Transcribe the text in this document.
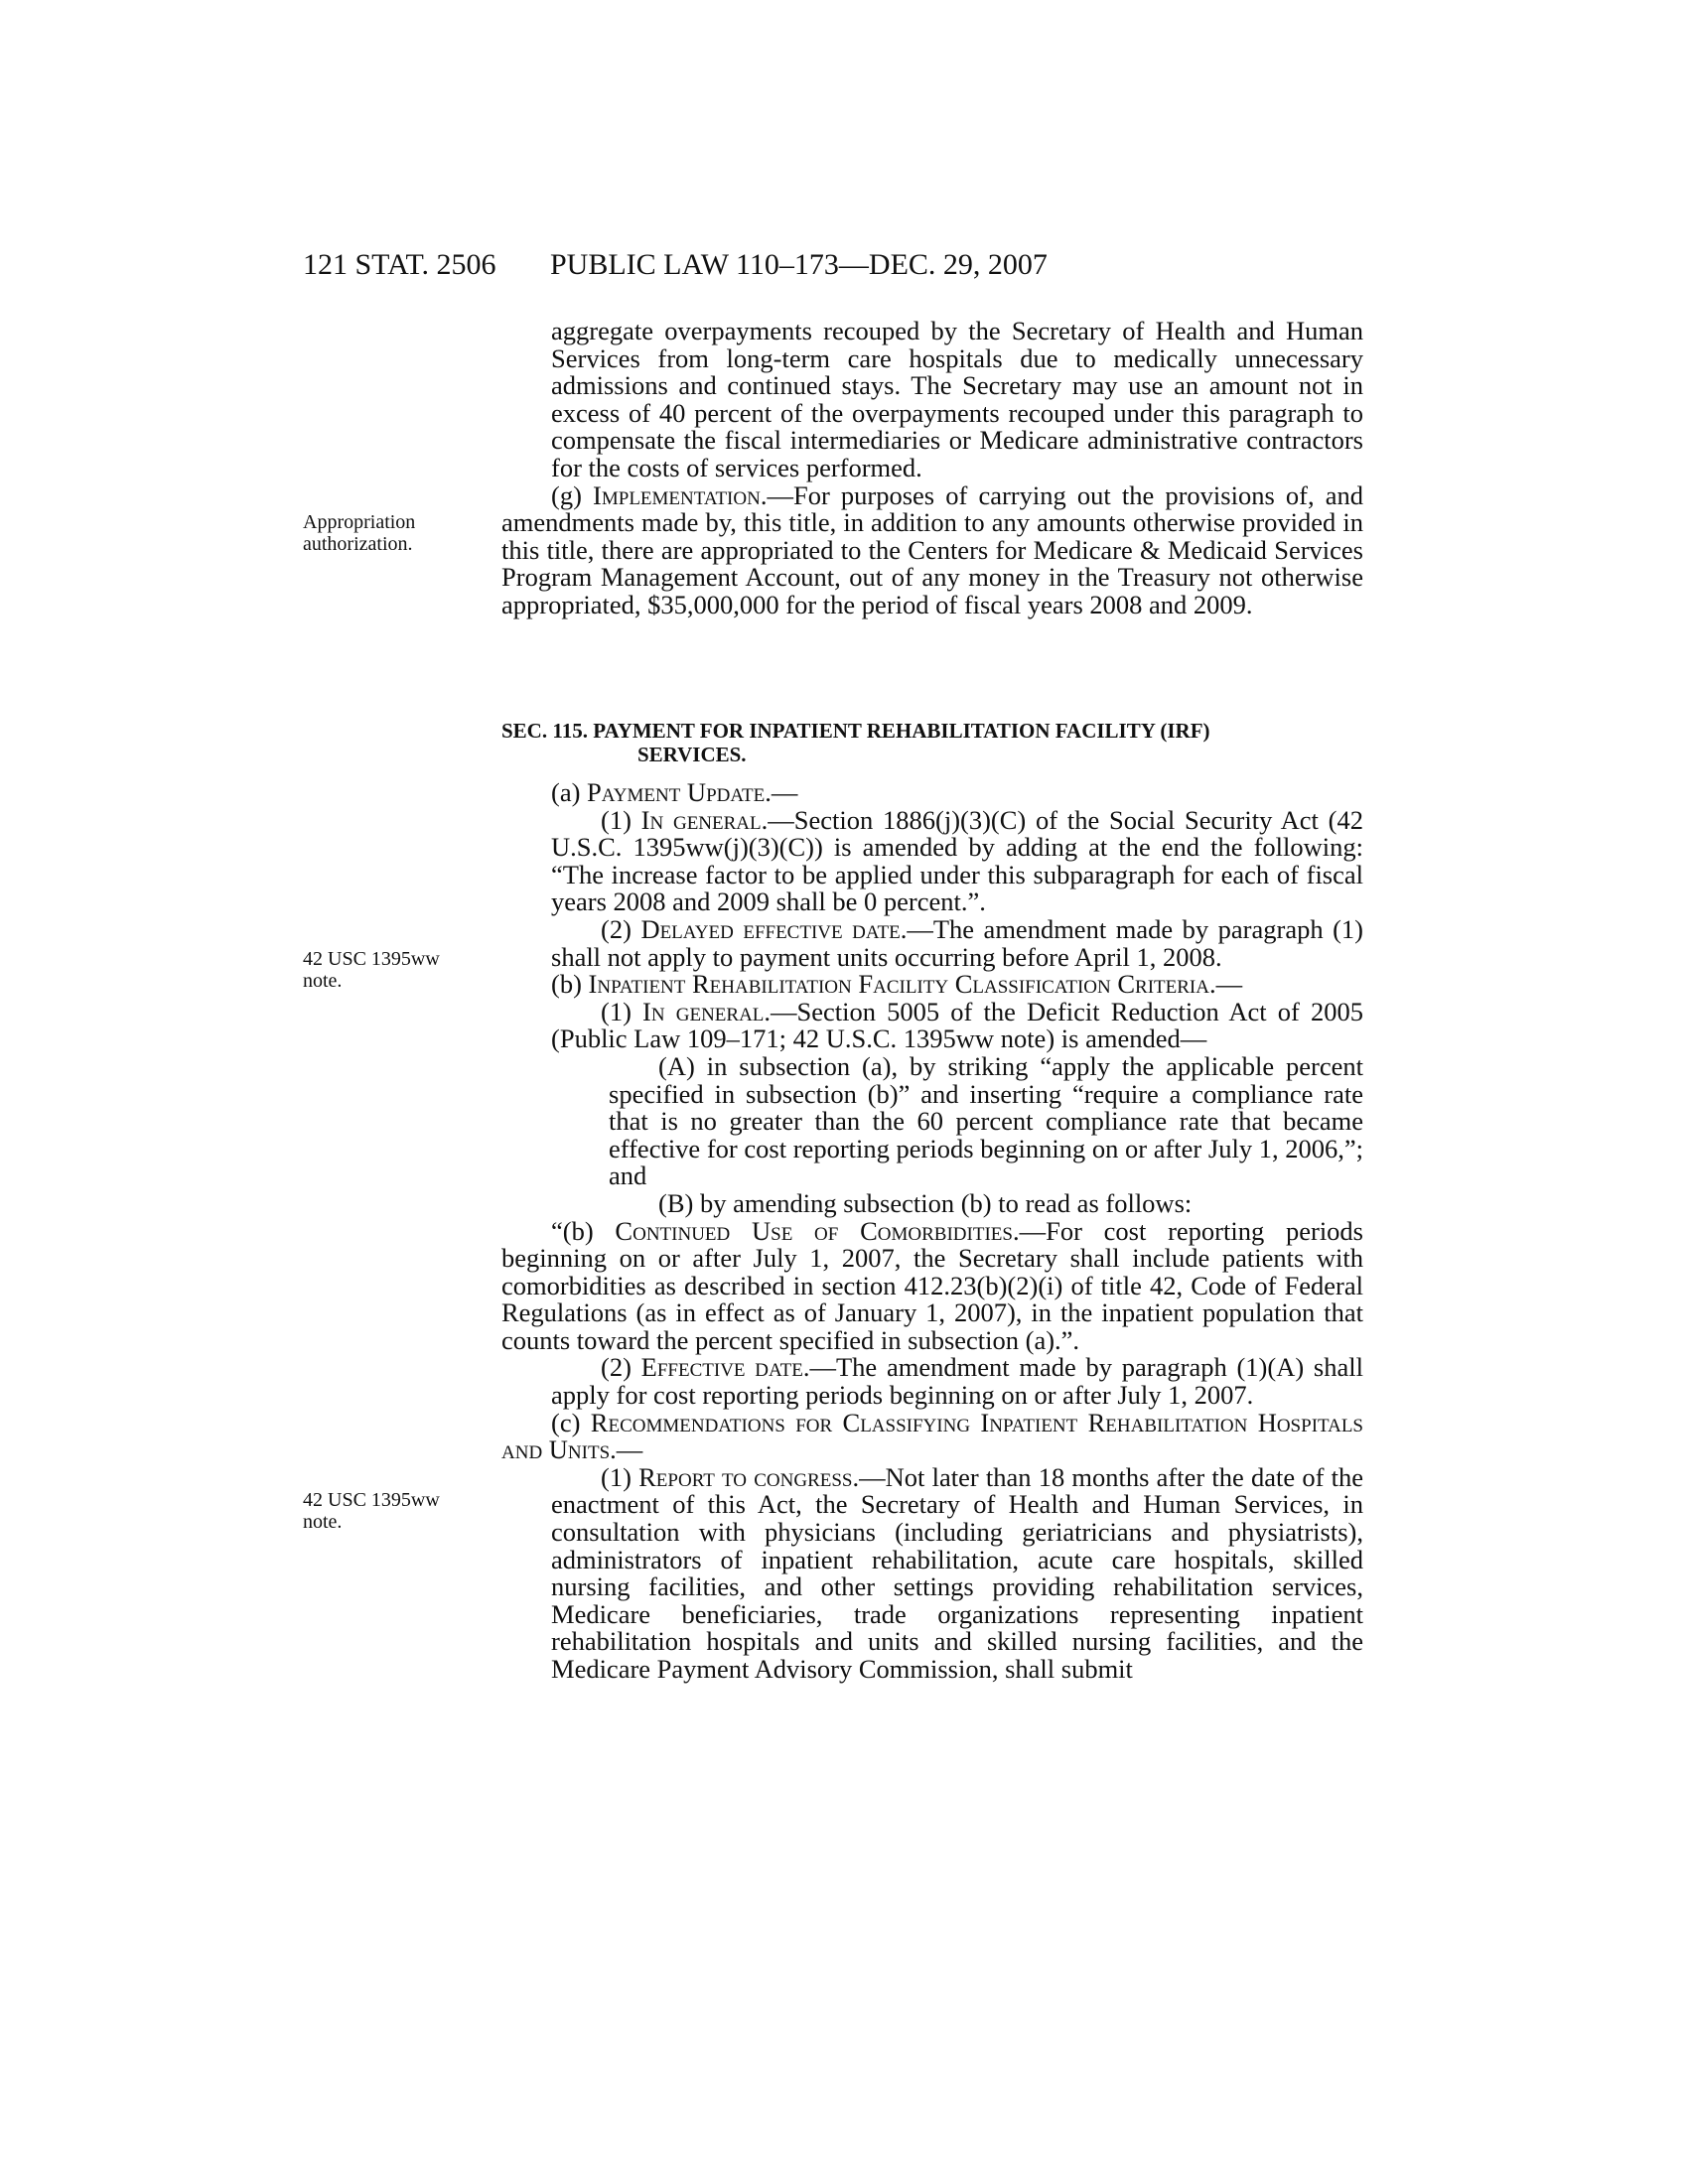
121 STAT. 2506 PUBLIC LAW 110–173—DEC. 29, 2007
Appropriation
authorization.
42 USC 1395ww
note.
42 USC 1395ww
note.

aggregate overpayments recouped by the Secretary of Health and Human Services from long-term care hospitals due to medically unnecessary admissions and continued stays. The Secretary may use an amount not in excess of 40 percent of the overpayments recouped under this paragraph to compensate the fiscal intermediaries or Medicare administrative contractors for the costs of services performed.

(g) Implementation.—For purposes of carrying out the provisions of, and amendments made by, this title, in addition to any amounts otherwise provided in this title, there are appropriated to the Centers for Medicare & Medicaid Services Program Management Account, out of any money in the Treasury not otherwise appropriated, $35,000,000 for the period of fiscal years 2008 and 2009.

SEC. 115. PAYMENT FOR INPATIENT REHABILITATION FACILITY (IRF)
SERVICES.

(a) Payment Update.—

(1) In general.—Section 1886(j)(3)(C) of the Social Security Act (42 U.S.C. 1395ww(j)(3)(C)) is amended by adding at the end the following: “The increase factor to be applied under this subparagraph for each of fiscal years 2008 and 2009 shall be 0 percent.”.

(2) Delayed effective date.—The amendment made by paragraph (1) shall not apply to payment units occurring before April 1, 2008.

(b) Inpatient Rehabilitation Facility Classification Criteria.—

(1) In general.—Section 5005 of the Deficit Reduction Act of 2005 (Public Law 109–171; 42 U.S.C. 1395ww note) is amended—

(A) in subsection (a), by striking “apply the applicable percent specified in subsection (b)” and inserting “require a compliance rate that is no greater than the 60 percent compliance rate that became effective for cost reporting periods beginning on or after July 1, 2006,”; and

(B) by amending subsection (b) to read as follows:

“(b) Continued Use of Comorbidities.—For cost reporting periods beginning on or after July 1, 2007, the Secretary shall include patients with comorbidities as described in section 412.23(b)(2)(i) of title 42, Code of Federal Regulations (as in effect as of January 1, 2007), in the inpatient population that counts toward the percent specified in subsection (a).”.

(2) Effective date.—The amendment made by paragraph (1)(A) shall apply for cost reporting periods beginning on or after July 1, 2007.

(c) Recommendations for Classifying Inpatient Rehabilitation Hospitals and Units.—

(1) Report to congress.—Not later than 18 months after the date of the enactment of this Act, the Secretary of Health and Human Services, in consultation with physicians (including geriatricians and physiatrists), administrators of inpatient rehabilitation, acute care hospitals, skilled nursing facilities, and other settings providing rehabilitation services, Medicare beneficiaries, trade organizations representing inpatient rehabilitation hospitals and units and skilled nursing facilities, and the Medicare Payment Advisory Commission, shall submit
